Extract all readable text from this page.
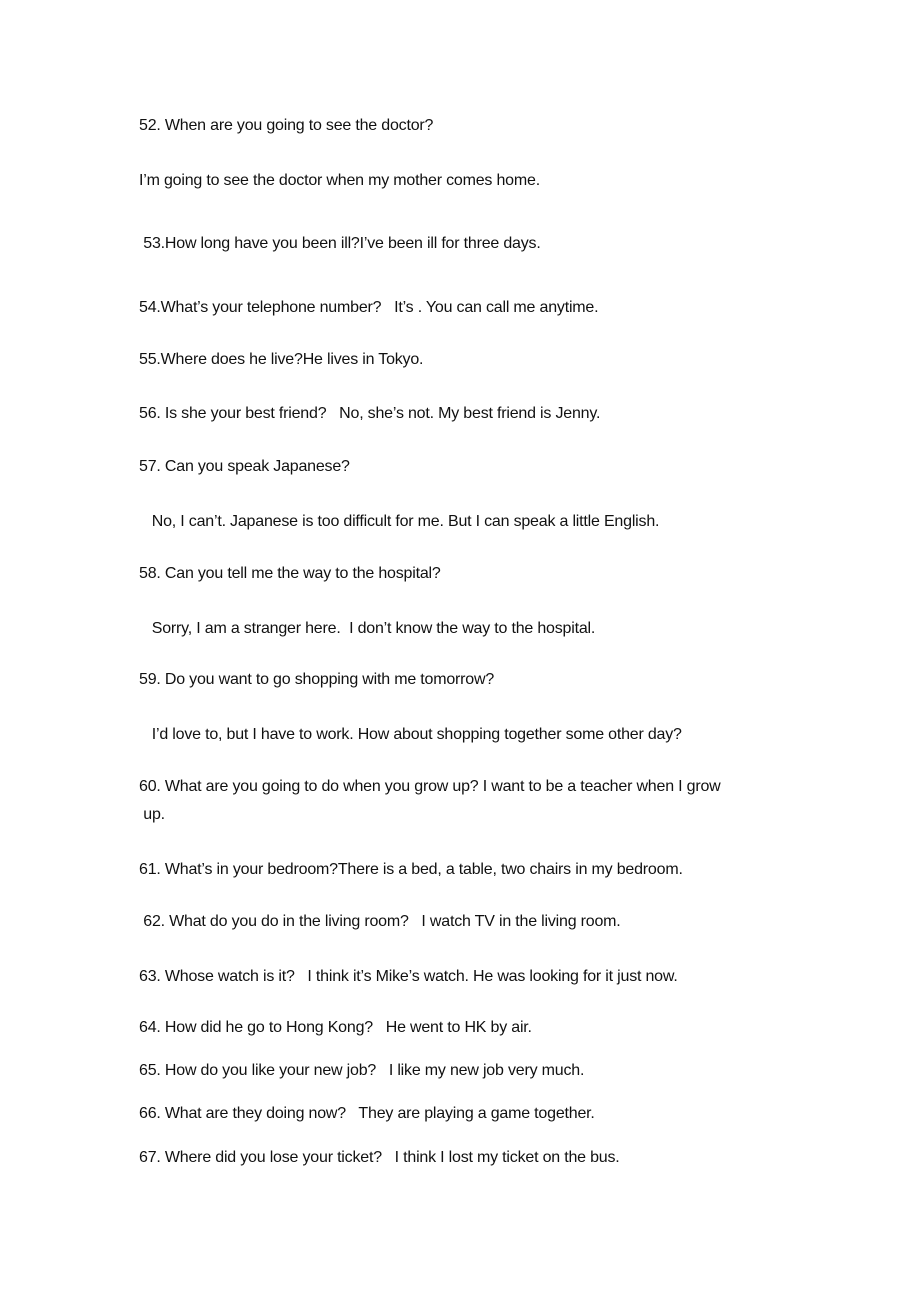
52. When are you going to see the doctor?
I’m going to see the doctor when my mother comes home.
53.How long have you been ill?I’ve been ill for three days.
54.What’s your telephone number?   It’s . You can call me anytime.
55.Where does he live?He lives in Tokyo.
56. Is she your best friend?   No, she’s not. My best friend is Jenny.
57. Can you speak Japanese?
No, I can’t. Japanese is too difficult for me. But I can speak a little English.
58. Can you tell me the way to the hospital?
Sorry, I am a stranger here.  I don’t know the way to the hospital.
59. Do you want to go shopping with me tomorrow?
I’d love to, but I have to work. How about shopping together some other day?
60. What are you going to do when you grow up? I want to be a teacher when I grow
up.
61. What’s in your bedroom?There is a bed, a table, two chairs in my bedroom.
62. What do you do in the living room?   I watch TV in the living room.
63. Whose watch is it?   I think it’s Mike’s watch. He was looking for it just now.
64. How did he go to Hong Kong?   He went to HK by air.
65. How do you like your new job?   I like my new job very much.
66. What are they doing now?   They are playing a game together.
67. Where did you lose your ticket?   I think I lost my ticket on the bus.
